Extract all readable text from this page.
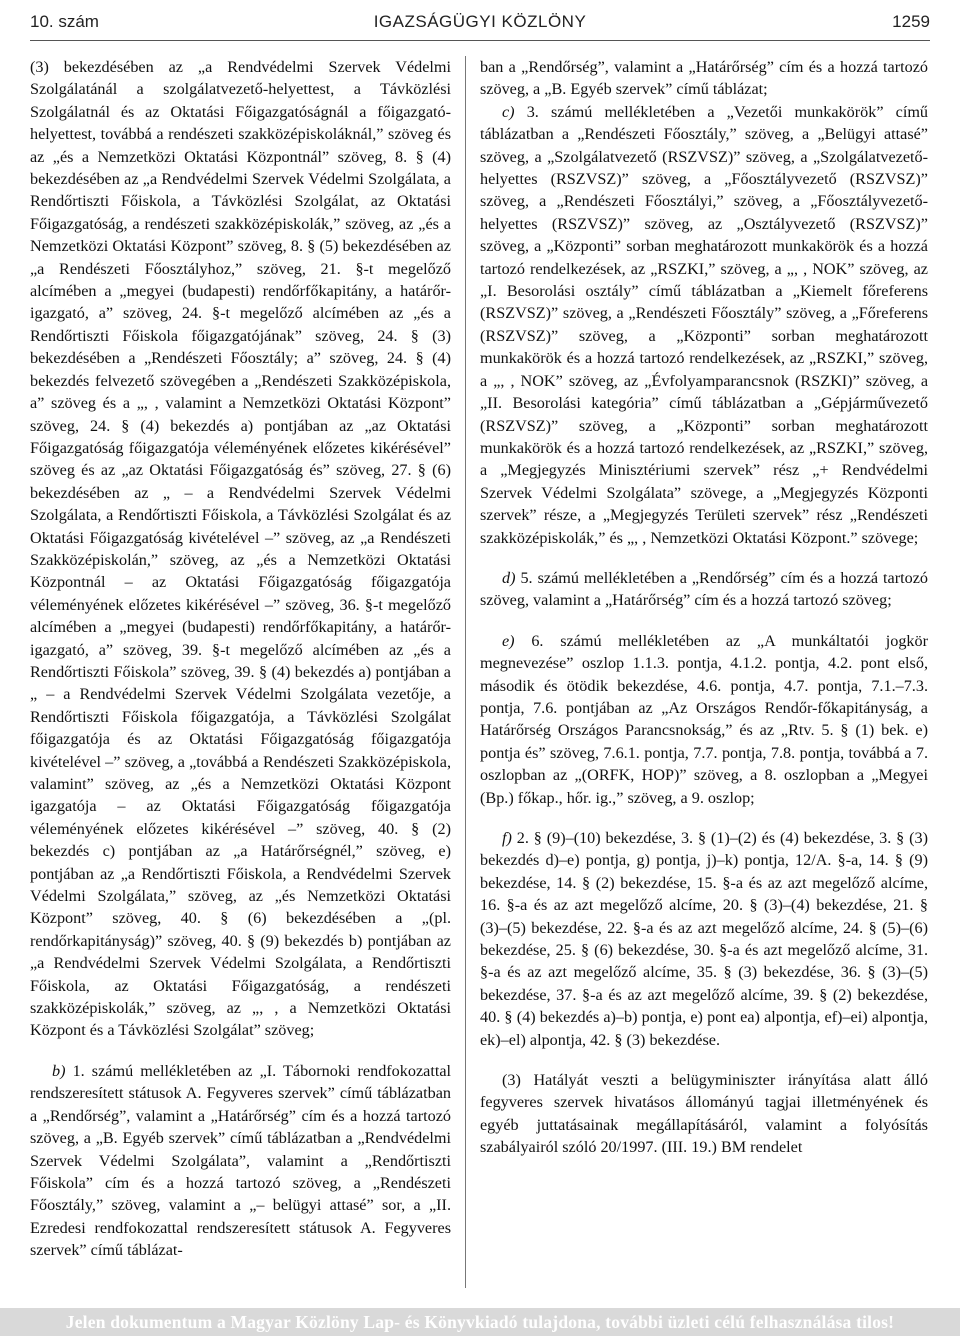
10. szám	IGAZSÁGÜGYI KÖZLÖNY	1259

(3) bekezdésében az „a Rendvédelmi Szervek Védelmi Szolgálatánál a szolgálatvezető-helyettest, a Távközlési Szolgálatnál és az Oktatási Főigazgatóságnál a főigazgató-helyettest, továbbá a rendészeti szakközépiskoláknál,” szöveg és az „és a Nemzetközi Oktatási Központnál” szöveg, 8. § (4) bekezdésében az „a Rendvédelmi Szervek Védelmi Szolgálata, a Rendőrtiszti Főiskola, a Távközlési Szolgálat, az Oktatási Főigazgatóság, a rendészeti szakközépiskolák,” szöveg, az „és a Nemzetközi Oktatási Központ” szöveg, 8. § (5) bekezdésében az „a Rendészeti Főosztályhoz,” szöveg, 21. §-t megelőző alcímében a „megyei (budapesti) rendőrfőkapitány, a határőr-igazgató, a” szöveg, 24. §-t megelőző alcímében az „és a Rendőrtiszti Főiskola főigazgatójának” szöveg, 24. § (3) bekezdésében a „Rendészeti Főosztály; a” szöveg, 24. § (4) bekezdés felvezető szövegében a „Rendészeti Szakközépiskola, a” szöveg és a „, , valamint a Nemzetközi Oktatási Központ” szöveg, 24. § (4) bekezdés a) pontjában az „az Oktatási Főigazgatóság főigazgatója véleményének előzetes kikérésével” szöveg és az „az Oktatási Főigazgatóság és” szöveg, 27. § (6) bekezdésében az „ – a Rendvédelmi Szervek Védelmi Szolgálata, a Rendőrtiszti Főiskola, a Távközlési Szolgálat és az Oktatási Főigazgatóság kivételével –” szöveg, az „a Rendészeti Szakközépiskolán,” szöveg, az „és a Nemzetközi Oktatási Központnál – az Oktatási Főigazgatóság főigazgatója véleményének előzetes kikérésével –” szöveg, 36. §-t megelőző alcímében a „megyei (budapesti) rendőrfőkapitány, a határőr-igazgató, a” szöveg, 39. §-t megelőző alcímében az „és a Rendőrtiszti Főiskola” szöveg, 39. § (4) bekezdés a) pontjában a „ – a Rendvédelmi Szervek Védelmi Szolgálata vezetője, a Rendőrtiszti Főiskola főigazgatója, a Távközlési Szolgálat főigazgatója és az Oktatási Főigazgatóság főigazgatója kivételével –” szöveg, a „továbbá a Rendészeti Szakközépiskola, valamint” szöveg, az „és a Nemzetközi Oktatási Központ igazgatója – az Oktatási Főigazgatóság főigazgatója véleményének előzetes kikérésével –” szöveg, 40. § (2) bekezdés c) pontjában az „a Határőrségnél,” szöveg, e) pontjában az „a Rendőrtiszti Főiskola, a Rendvédelmi Szervek Védelmi Szolgálata,” szöveg, az „és Nemzetközi Oktatási Központ” szöveg, 40. § (6) bekezdésében a „(pl. rendőrkapitányság)” szöveg, 40. § (9) bekezdés b) pontjában az „a Rendvédelmi Szervek Védelmi Szolgálata, a Rendőrtiszti Főiskola, az Oktatási Főigazgatóság, a rendészeti szakközépiskolák,” szöveg, az „, , a Nemzetközi Oktatási Központ és a Távközlési Szolgálat” szöveg;

b) 1. számú mellékletében az „I. Tábornoki rendfokozattal rendszeresített státusok A. Fegyveres szervek” című táblázatban a „Rendőrség”, valamint a „Határőrség” cím és a hozzá tartozó szöveg, a „B. Egyéb szervek” című táblázatban a „Rendvédelmi Szervek Védelmi Szolgálata”, valamint a „Rendőrtiszti Főiskola” cím és a hozzá tartozó szöveg, a „Rendészeti Főosztály,” szöveg, valamint a „– belügyi attasé” sor, a „II. Ezredesi rendfokozattal rendszeresített státusok A. Fegyveres szervek” című táblázat-

ban a „Rendőrség”, valamint a „Határőrség” cím és a hozzá tartozó szöveg, a „B. Egyéb szervek” című táblázat;

c) 3. számú mellékletében a „Vezetői munkakörök” című táblázatban a „Rendészeti Főosztály,” szöveg, a „Belügyi attasé” szöveg, a „Szolgálatvezető (RSZVSZ)” szöveg, a „Szolgálatvezető-helyettes (RSZVSZ)” szöveg, a „Főosztályvezető (RSZVSZ)” szöveg, a „Rendészeti Főosztályi,” szöveg, a „Főosztályvezető-helyettes (RSZVSZ)” szöveg, az „Osztályvezető (RSZVSZ)” szöveg, a „Központi” sorban meghatározott munkakörök és a hozzá tartozó rendelkezések, az „RSZKI,” szöveg, a „, , NOK” szöveg, az „I. Besorolási osztály” című táblázatban a „Kiemelt főreferens (RSZVSZ)” szöveg, a „Rendészeti Főosztály” szöveg, a „Főreferens (RSZVSZ)” szöveg, a „Központi” sorban meghatározott munkakörök és a hozzá tartozó rendelkezések, az „RSZKI,” szöveg, a „, , NOK” szöveg, az „Évfolyamparancsnok (RSZKI)” szöveg, a „II. Besorolási kategória” című táblázatban a „Gépjárművezető (RSZVSZ)” szöveg, a „Központi” sorban meghatározott munkakörök és a hozzá tartozó rendelkezések, az „RSZKI,” szöveg, a „Megjegyzés Minisztériumi szervek” rész „+ Rendvédelmi Szervek Védelmi Szolgálata” szövege, a „Megjegyzés Központi szervek” része, a „Megjegyzés Területi szervek” rész „Rendészeti szakközépiskolák,” és „, , Nemzetközi Oktatási Központ.” szövege;

d) 5. számú mellékletében a „Rendőrség” cím és a hozzá tartozó szöveg, valamint a „Határőrség” cím és a hozzá tartozó szöveg;

e) 6. számú mellékletében az „A munkáltatói jogkör megnevezése” oszlop 1.1.3. pontja, 4.1.2. pontja, 4.2. pont első, második és ötödik bekezdése, 4.6. pontja, 4.7. pontja, 7.1.–7.3. pontja, 7.6. pontjában az „Az Országos Rendőr-főkapitányság, a Határőrség Országos Parancsnokság,” és az „Rtv. 5. § (1) bek. e) pontja és” szöveg, 7.6.1. pontja, 7.7. pontja, 7.8. pontja, továbbá a 7. oszlopban az „(ORFK, HOP)” szöveg, a 8. oszlopban a „Megyei (Bp.) főkap., hőr. ig.,” szöveg, a 9. oszlop;

f) 2. § (9)–(10) bekezdése, 3. § (1)–(2) és (4) bekezdése, 3. § (3) bekezdés d)–e) pontja, g) pontja, j)–k) pontja, 12/A. §-a, 14. § (9) bekezdése, 14. § (2) bekezdése, 15. §-a és az azt megelőző alcíme, 16. §-a és az azt megelőző alcíme, 20. § (3)–(4) bekezdése, 21. § (3)–(5) bekezdése, 22. §-a és az azt megelőző alcíme, 24. § (5)–(6) bekezdése, 25. § (6) bekezdése, 30. §-a és azt megelőző alcíme, 31. §-a és az azt megelőző alcíme, 35. § (3) bekezdése, 36. § (3)–(5) bekezdése, 37. §-a és az azt megelőző alcíme, 39. § (2) bekezdése, 40. § (4) bekezdés a)–b) pontja, e) pont ea) alpontja, ef)–ei) alpontja, ek)–el) alpontja, 42. § (3) bekezdése.

(3) Hatályát veszti a belügyminiszter irányítása alatt álló fegyveres szervek hivatásos állományú tagjai illetményének és egyéb juttatásainak megállapításáról, valamint a folyósítás szabályairól szóló 20/1997. (III. 19.) BM rendelet

Jelen dokumentum a Magyar Közlöny Lap- és Könyvkiadó tulajdona, további üzleti célú felhasználása tilos!
